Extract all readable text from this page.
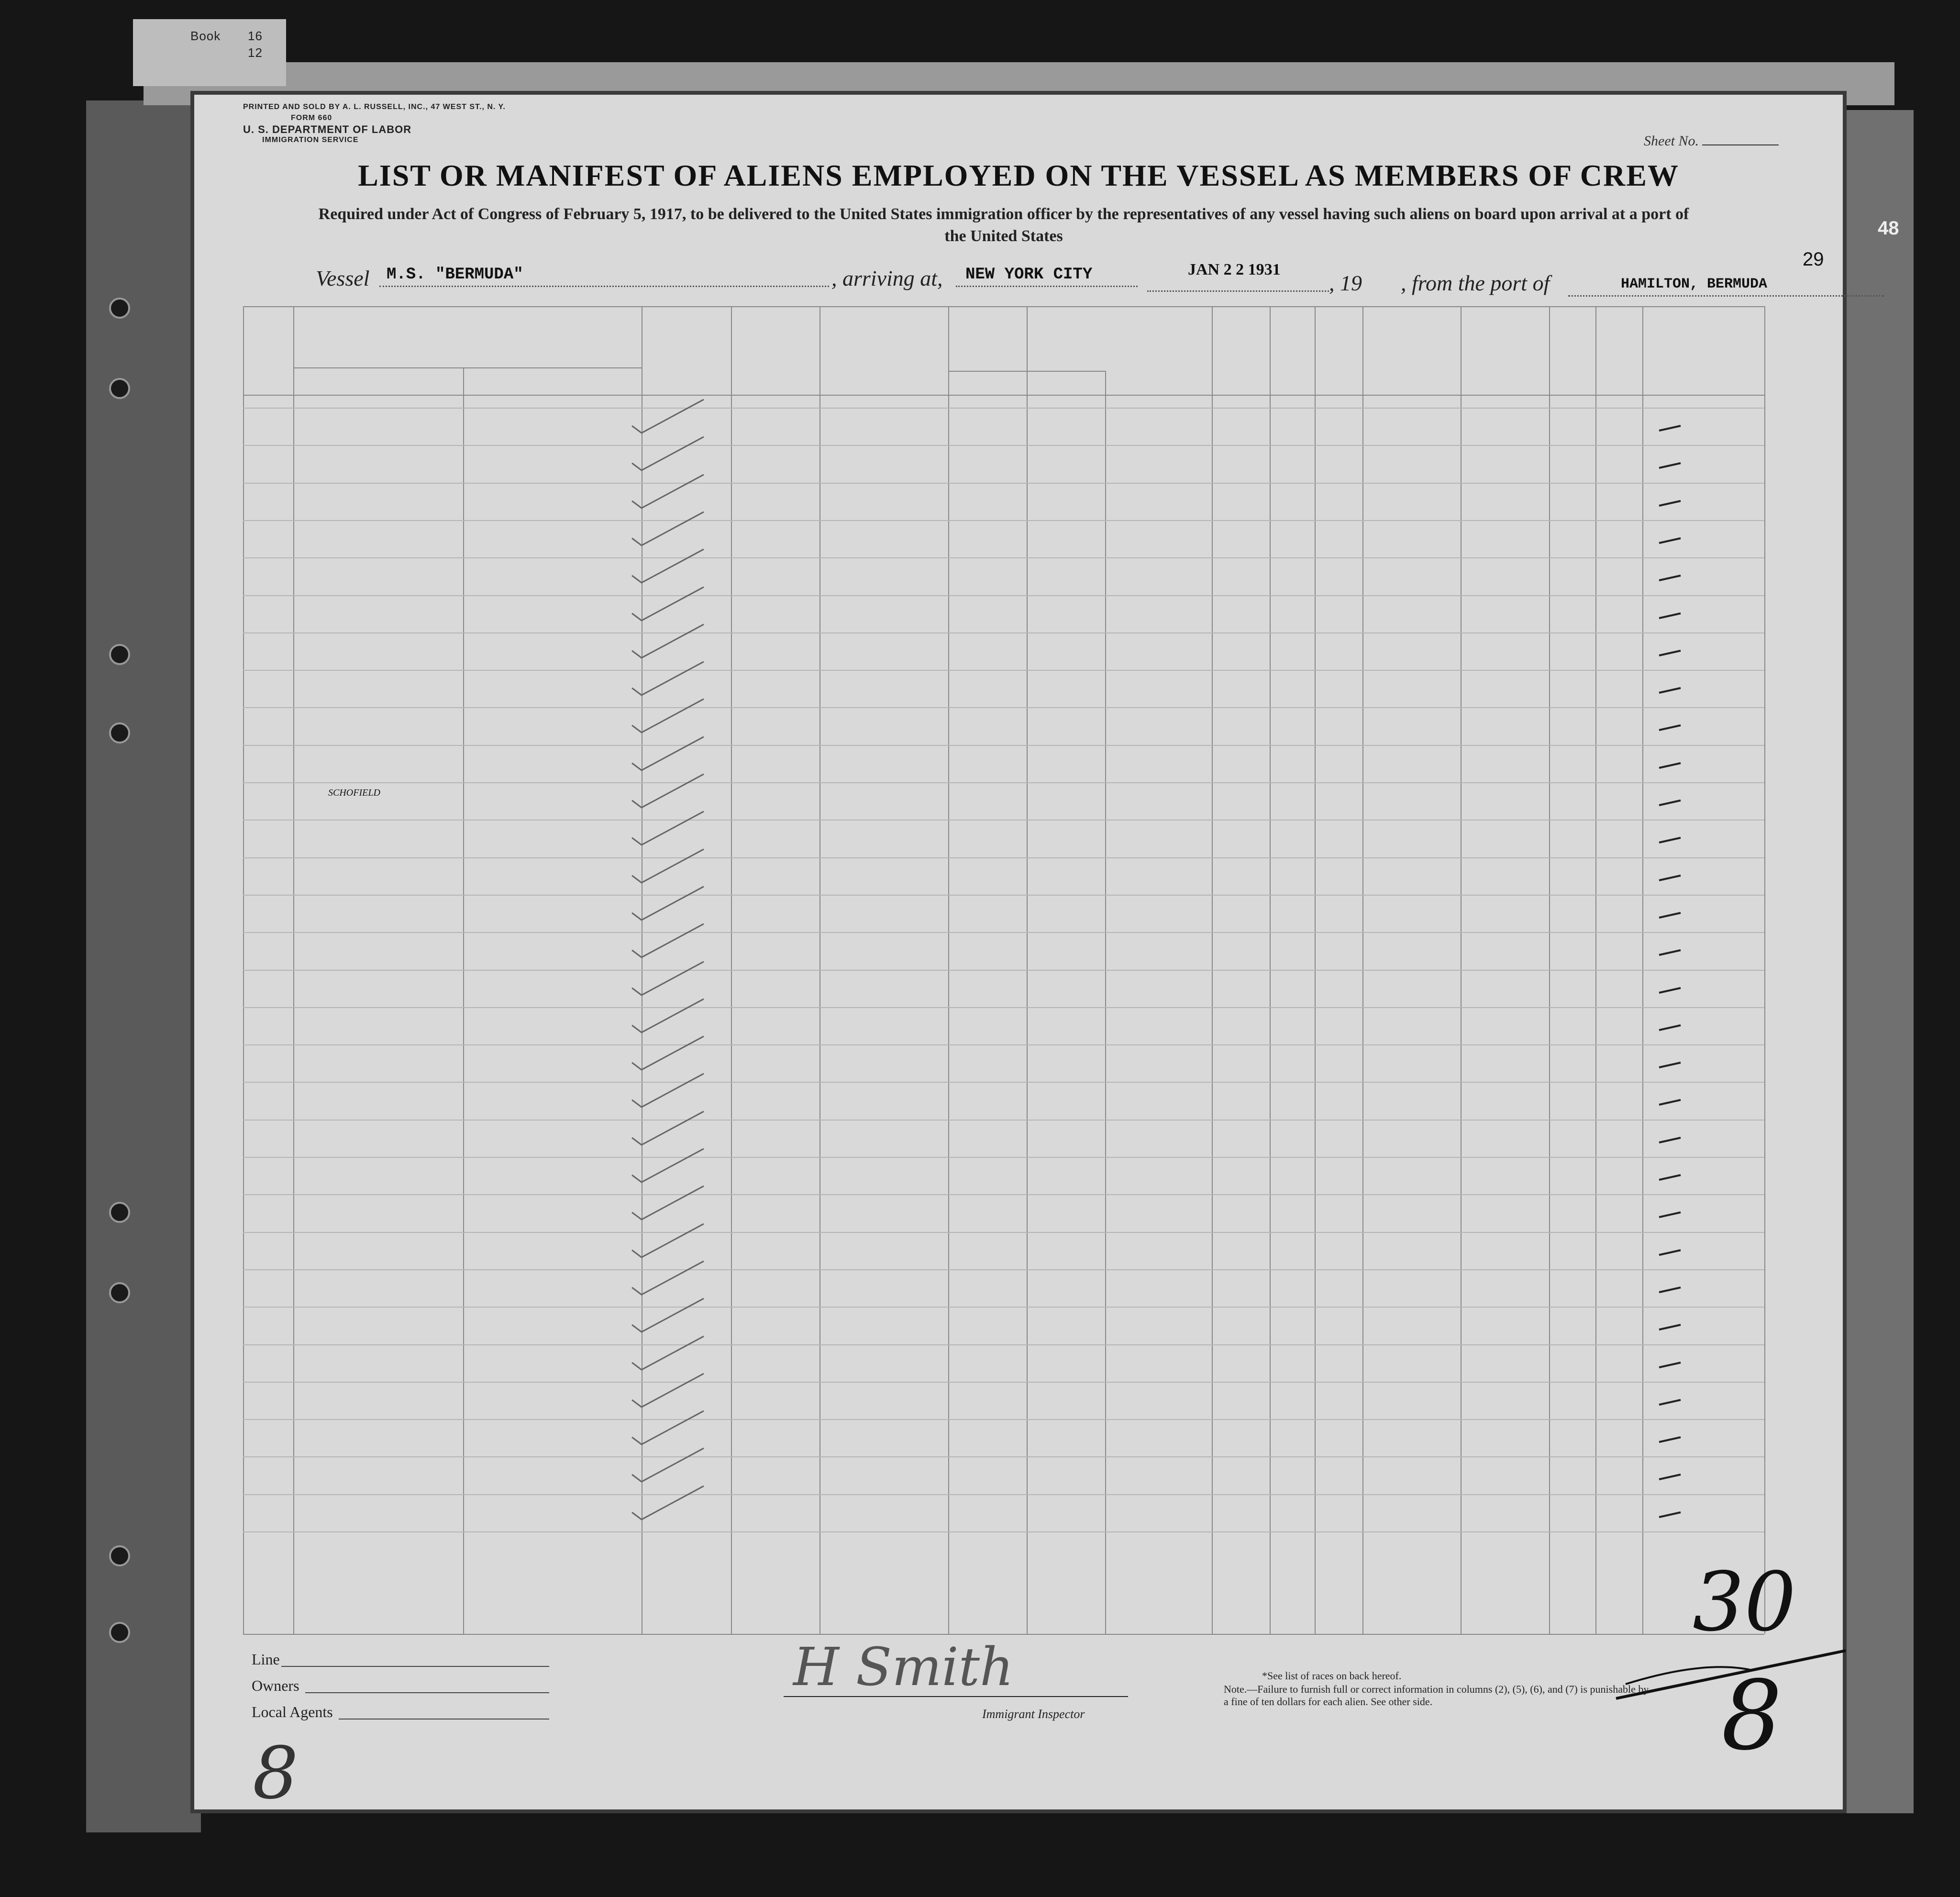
PRINTED AND SOLD BY A. L. RUSSELL, INC., 47 WEST ST., N. Y.
FORM 660
U. S. DEPARTMENT OF LABOR
IMMIGRATION SERVICE
Book 16
12
Sheet No.
LIST OR MANIFEST OF ALIENS EMPLOYED ON THE VESSEL AS MEMBERS OF CREW
Required under Act of Congress of February 5, 1917, to be delivered to the United States immigration officer by the representatives of any vessel having such aliens on board upon arrival at a port of the United States
29
Vessel M.S. "BERMUDA"	, arriving at, NEW YORK CITY	JAN 2 2 1931
, 19 , from the port of	HAMILTON, BERMUDA
SCHOFIELD
30
8
8
Line
Owners
Local Agents
H Smith
Immigrant Inspector
*See list of races on back hereof.
Note.—Failure to furnish full or correct information in columns (2), (5), (6), and (7) is punishable by a fine of ten dollars for each alien. See other side.
48
